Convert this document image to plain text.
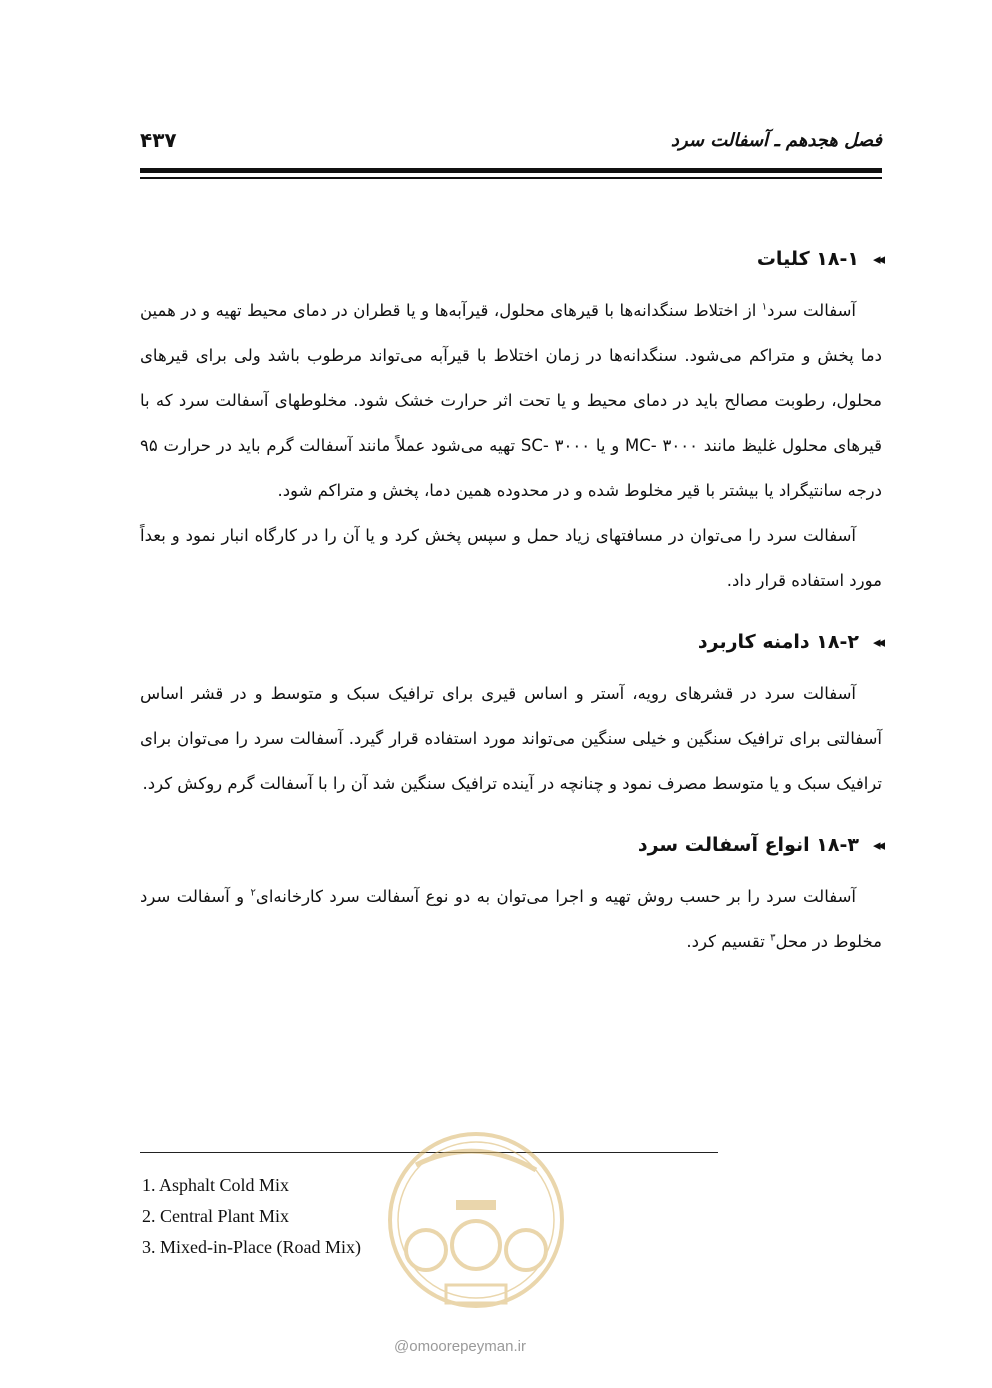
فصل هجدهم ـ آسفالت سرد
۴۳۷
◂◂
۱۸-۱ کلیات

آسفالت سرد$^۱$ از اختلاط سنگدانه‌ها با قیرهای محلول، قیرآبه‌ها و یا قطران در دمای محیط تهیه و در همین دما پخش و متراکم می‌شود. سنگدانه‌ها در زمان اختلاط با قیرآبه می‌تواند مرطوب باشد ولی برای قیرهای محلول، رطوبت مصالح باید در دمای محیط و یا تحت اثر حرارت خشک شود. مخلوطهای آسفالت سرد که با قیرهای محلول غلیظ مانند MC- ۳۰۰۰ و یا SC- ۳۰۰۰ تهیه می‌شود عملاً مانند آسفالت گرم باید در حرارت ۹۵ درجه سانتیگراد یا بیشتر با قیر مخلوط شده و در محدوده همین دما، پخش و متراکم شود.

آسفالت سرد را می‌توان در مسافتهای زیاد حمل و سپس پخش کرد و یا آن را در کارگاه انبار نمود و بعداً مورد استفاده قرار داد.

◂◂
۱۸-۲ دامنه کاربرد

آسفالت سرد در قشرهای رویه، آستر و اساس قیری برای ترافیک سبک و متوسط و در قشر اساس آسفالتی برای ترافیک سنگین و خیلی سنگین می‌تواند مورد استفاده قرار گیرد. آسفالت سرد را می‌توان برای ترافیک سبک و یا متوسط مصرف نمود و چنانچه در آینده ترافیک سنگین شد آن را با آسفالت گرم روکش کرد.

◂◂
۱۸-۳ انواع آسفالت سرد

آسفالت سرد را بر حسب روش تهیه و اجرا می‌توان به دو نوع آسفالت سرد کارخانه‌ای$^۲$ و آسفالت سرد مخلوط در محل$^۳$ تقسیم کرد.

1. Asphalt Cold Mix
2. Central Plant Mix
3. Mixed-in-Place (Road Mix)
@omoorepeyman.ir
